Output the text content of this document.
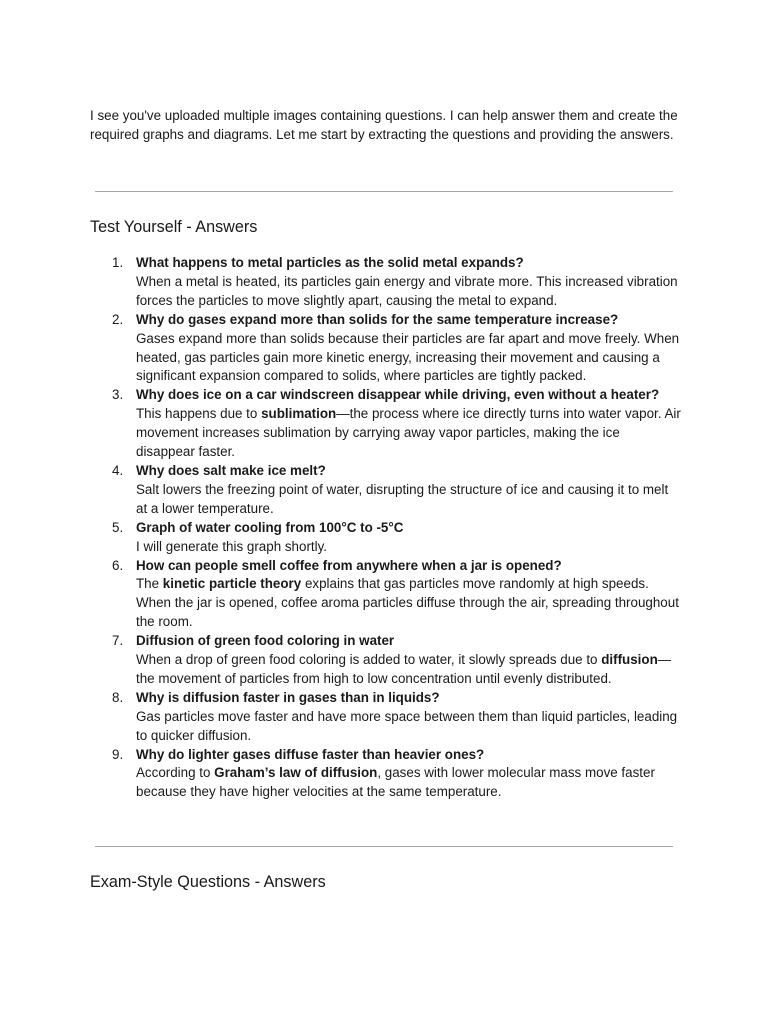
I see you've uploaded multiple images containing questions. I can help answer them and create the required graphs and diagrams. Let me start by extracting the questions and providing the answers.

Test Yourself - Answers
1. What happens to metal particles as the solid metal expands?
When a metal is heated, its particles gain energy and vibrate more. This increased vibration forces the particles to move slightly apart, causing the metal to expand.
2. Why do gases expand more than solids for the same temperature increase?
Gases expand more than solids because their particles are far apart and move freely. When heated, gas particles gain more kinetic energy, increasing their movement and causing a significant expansion compared to solids, where particles are tightly packed.
3. Why does ice on a car windscreen disappear while driving, even without a heater?
This happens due to sublimation—the process where ice directly turns into water vapor. Air movement increases sublimation by carrying away vapor particles, making the ice disappear faster.
4. Why does salt make ice melt?
Salt lowers the freezing point of water, disrupting the structure of ice and causing it to melt at a lower temperature.
5. Graph of water cooling from 100°C to -5°C
I will generate this graph shortly.
6. How can people smell coffee from anywhere when a jar is opened?
The kinetic particle theory explains that gas particles move randomly at high speeds. When the jar is opened, coffee aroma particles diffuse through the air, spreading throughout the room.
7. Diffusion of green food coloring in water
When a drop of green food coloring is added to water, it slowly spreads due to diffusion—the movement of particles from high to low concentration until evenly distributed.
8. Why is diffusion faster in gases than in liquids?
Gas particles move faster and have more space between them than liquid particles, leading to quicker diffusion.
9. Why do lighter gases diffuse faster than heavier ones?
According to Graham’s law of diffusion, gases with lower molecular mass move faster because they have higher velocities at the same temperature.
Exam-Style Questions - Answers
